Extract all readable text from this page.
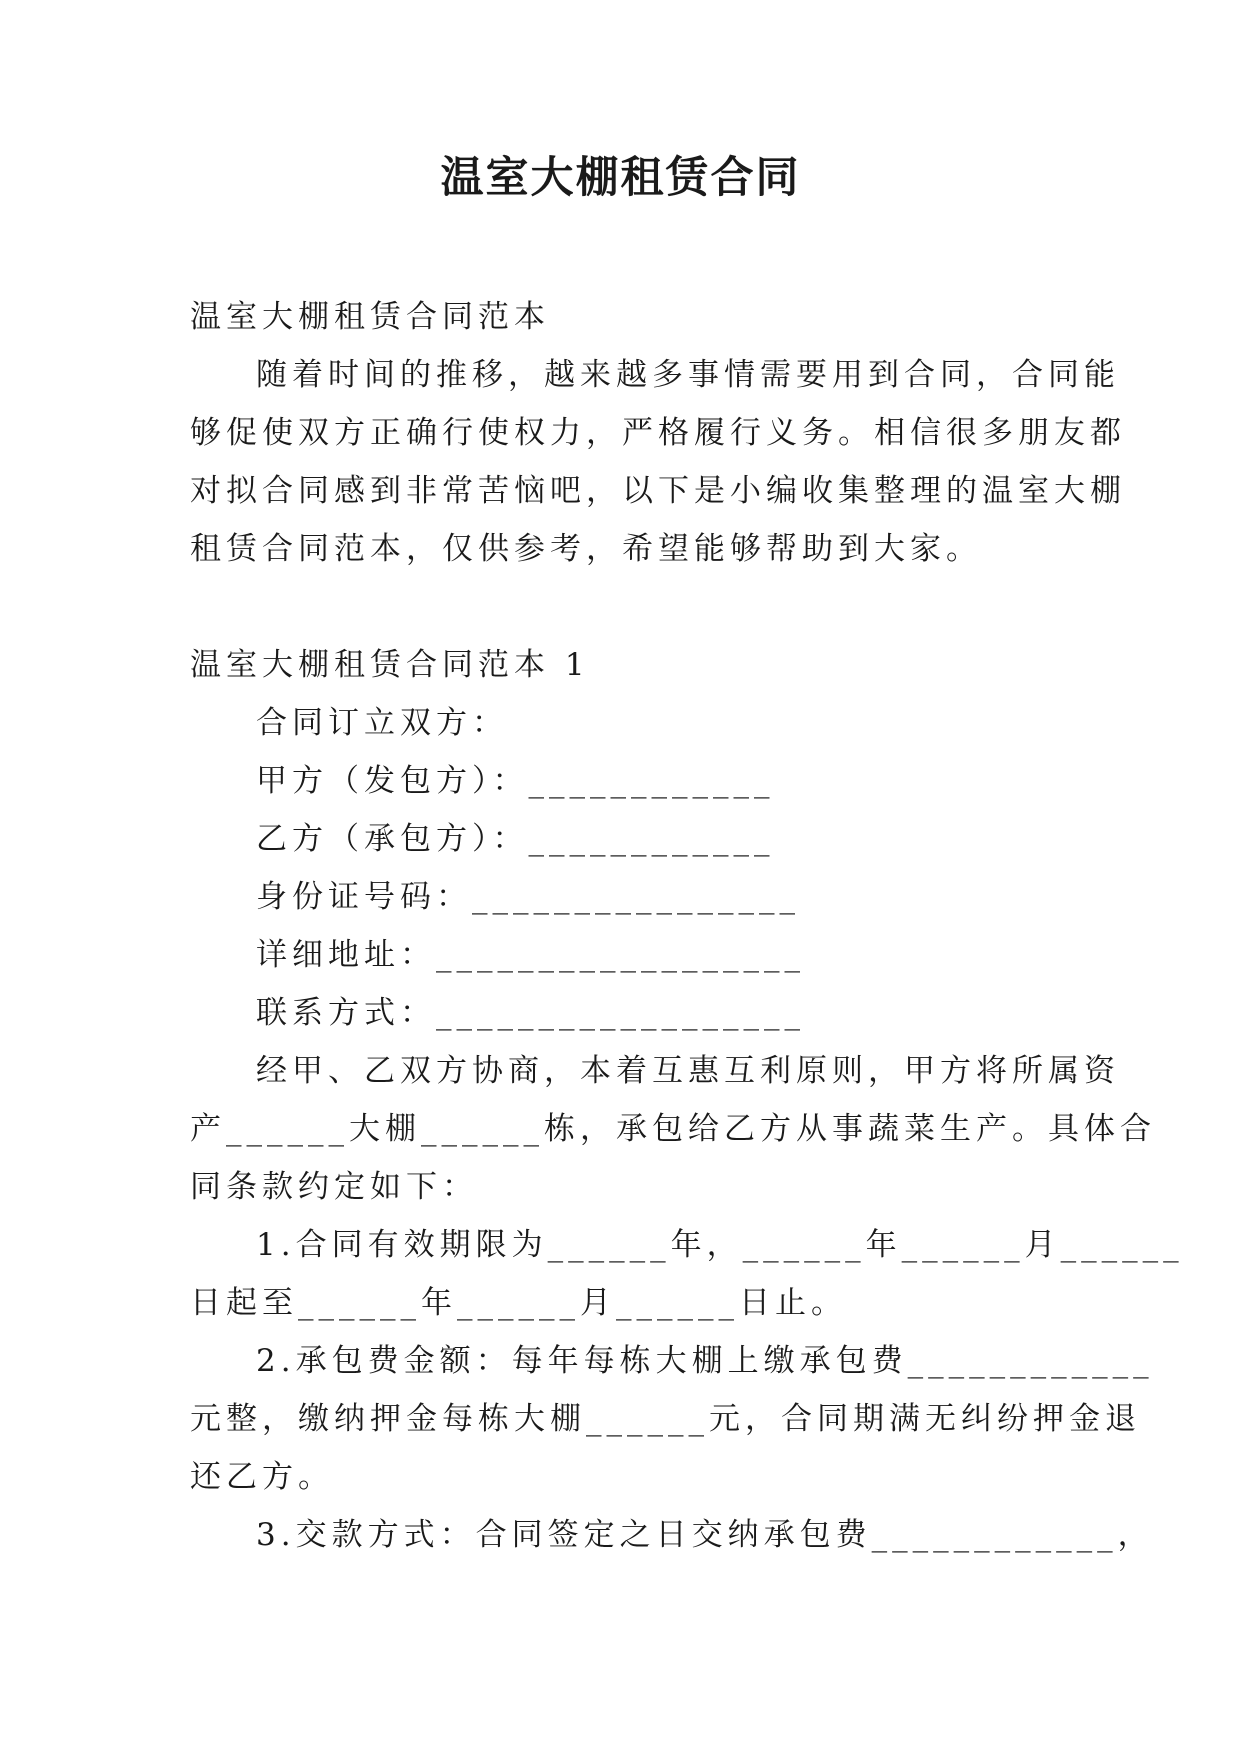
温室大棚租赁合同
温室大棚租赁合同范本
随着时间的推移，越来越多事情需要用到合同，合同能
够促使双方正确行使权力，严格履行义务。相信很多朋友都
对拟合同感到非常苦恼吧，以下是小编收集整理的温室大棚
租赁合同范本，仅供参考，希望能够帮助到大家。
温室大棚租赁合同范本 1
合同订立双方：
甲方（发包方）：____________
乙方（承包方）：____________
身份证号码：________________
详细地址：__________________
联系方式：__________________
经甲、乙双方协商，本着互惠互利原则，甲方将所属资
产______大棚______栋，承包给乙方从事蔬菜生产。具体合
同条款约定如下：
1.合同有效期限为______年，______年______月______
日起至______年______月______日止。
2.承包费金额：每年每栋大棚上缴承包费____________
元整，缴纳押金每栋大棚______元，合同期满无纠纷押金退
还乙方。
3.交款方式：合同签定之日交纳承包费____________，
